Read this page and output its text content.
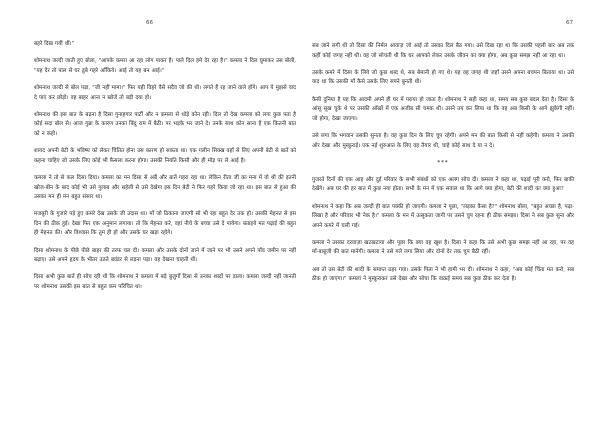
66

बहरे दिख गयीं थीं।”

शोमनाथ जल्दी जाती हुए बोला, "आपके कमरा आ रहा लोग पाकर है। पाले दिल हमे देर रहा है।" कमला ने दिल घुमाकर उस बोली, "यह देर तो पाल से घर डूबे गहरे आँकिये। आई तो यह बन आई।"

शोमनाथ जल्दी से बोल पड़ा, "जी नहीं मामा।" फिर यही विहरे वैसे सदैव जो की थी। लगते हैं रह जाने वाले होंगे। आप ये मुझसे वाद दे पाएं कर छोड़ो। वह बाहर आना न खोजें तो बड़ी दया हो।

शोमनाथ की इस बात के बढ़ना है दिसा गुनाहगार पार्टी और न कमला से थोड़े कोन रही। दिल तो देख कमला को लगा कुछ पता है कोई सदा बोल से। आज गुन्ना के कारण उनका बिंदु राम में बैठी। पर भड़के भर जाने दे। उनके साथ कोन साना है एक कितनी बात को न कहो।

शायद अपनी बेटी के भविष्य को लेकर चिंतित होना उस कारण हो सकता था। एक गलीन सिक्ख वहाँ से लिए अपनी बेटी से बातें को कहना चाहिए जो उसके लिए कोई भी फ़ैसला करना होगा। उसकी नियति किसी और ही मोड़ पर ले आई है।

कमला ने तो से कल दिसा दिया। कमला का मन दिसा से अबैं और बातें गहरा रहा था। लेकिन रीता जी का मना में वो थी की इतनी खोज-बीन के बाद कोई भी उसे गुलाब और सहेली से उसे देखेगा इस दिन बेटी ने फिर गहरे किया जो रहा था। इस बात से हुआ की उसका मन ही मन बहुत संसार था।

मजबूरी के गुजारे पड़े हुए कमरे देख उसके जी उदास था। माँ जो ठिकाना जाएगी सो भी रहा बहुत देर तक हो। उसकी मेहनत से इस दिन की ठीक हुई। देखा फिर एक अनुमान लगाया। तो कि मेहनत करे, वहां नीचे के बच्चा उसे दे पायेगा। बताइये मत पढ़ाई की बहुत ही मेहनत की। और विश्वास कि तुम ही हो और उसके घर खड़ा रहोगे।

दिसा शोमनाथ के पीछे पीछे बाहर की तरफ चल दी। कमला और उसके दोनों जाने में जाने पर भी उसने अपने पाँव जमीन पर नहीं बढ़ाए। उसे अपने हृदय के भीतर उठते बवंडर से लड़ना पड़ा। वह देखना चाहती थी।

दिसा अभी कुछ बातें ही सोच रही थी कि शोमनाथ ने कमला में बड़े बुजुर्गों दिसा से उनका शब्दों पर डाला। कमला जल्दी नहीं जानती पर शोमनाथ उसकी इस बात से बहुत कम परिचित था।

67

सब जाने लगी थी तो दिसा की निर्मल आवाज़ जो आई तो उसका दिल बैठ गया। उसे दिख रहा था कि उसकी पहली बार अब तक कहीं कोई जगह नहीं थी। वह जो सोचती थी कि घर आपको लेकर उसके जीवन का क्या होगा, अब कुछ समझ नहीं आ रहा था।

उसके कमरे में दिसा के लिये जो कुछ शब्द थे, सब बेमानी हो गए थे। यह वह जगह थी जहाँ उसने अपना बचपन बिताया था। उसे याद था कि उसकी माँ कैसे उसके लिए सपने बुनती थी।

कैसी दुनिया है यह कि आदमी अपने ही घर में पराया हो जाता है। शोमनाथ ने सही कहा था, समय सब कुछ बदल देता है। दिसा के आंसू सूख चुके थे पर उसकी आँखों में एक अजीब सी चमक थी। उसने तय कर लिया था कि वह अब किसी के आगे झुकेगी नहीं। जो होगा, देखा जाएगा।

उसे लगा कि भगवान उसकी सुनता है। वह कुछ दिन के लिए चुप रहेगी। अपने मन की बात किसी से नहीं कहेगी। कमला ने उसकी ओर देखा और मुस्कुराई। एक नई शुरुआत के लिए वह तैयार थी, चाहे कोई साथ दे या न दे।

***

गुजरते दिनों की एक आह और दुई परिवार के सभी संबंधों को एक अलग सोच दी। कमला ने कहा था, पढ़ाई पूरी करो, फिर बाकी देखेंगे। अब घर की हर बात में कुछ नया होता। सभी के मन में एक सवाल था कि आगे क्या होगा, बेटी की शादी का क्या हुआ?

शोमनाथ ने कहा कि अब जल्दी ही बात पक्की हो जाएगी। कमला ने पूछा, "लड़का कैसा है?" शोमनाथ बोला, "बहुत अच्छा है, पढ़ा-लिखा है और परिवार भी नेक है।" कमला के मन में उत्सुकता जागी पर उसने चुप रहना ही ठीक समझा। दिसा ने सब कुछ सुना और अपने कमरे में चली गई।

कमला ने उसका दरवाज़ा खटखटाया और पूछा कि क्या वह खुश है। दिसा ने कहा कि उसे अभी कुछ समझ नहीं आ रहा, पर वह माँ-बाबूजी की बात मानेगी। कमला ने उसे गले लगा लिया और दोनों देर तक चुप बैठी रहीं।

अब तो उस बेटी की शादी के समाप्त ठहर गया। उसके पिता ने भी हामी भर दी। शोमनाथ ने कहा, "अब कोई चिंता मत करो, सब ठीक हो जाएगा।" कमला ने मुस्कुराकर उसे देखा और सोचा कि वाक़ई समय सब कुछ ठीक कर देता है।
